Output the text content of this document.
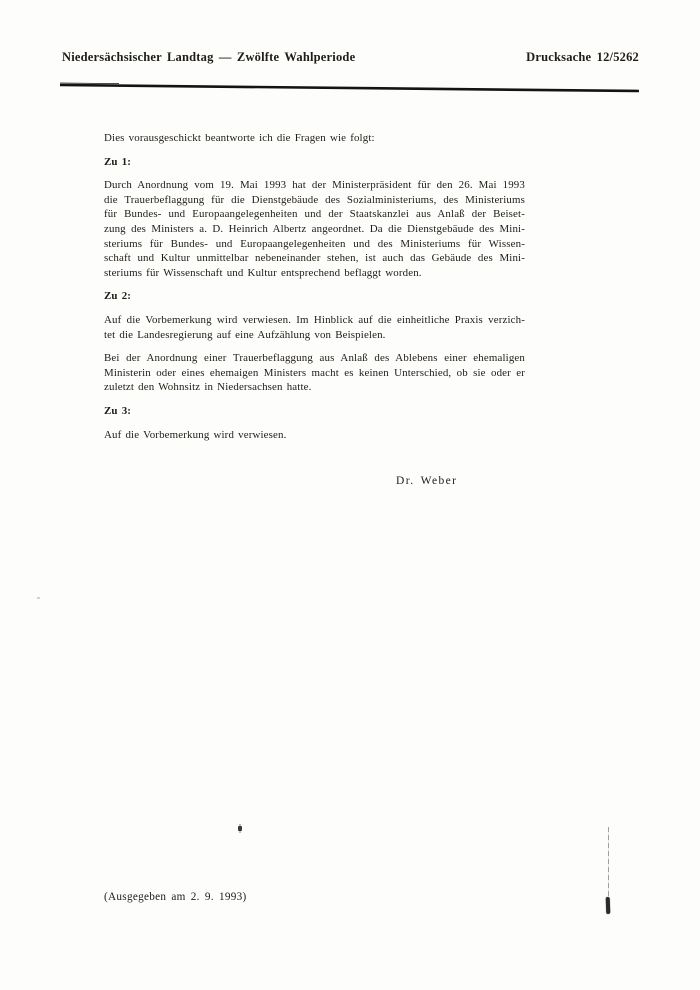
Niedersächsischer Landtag — Zwölfte Wahlperiode	Drucksache 12/5262
Dies vorausgeschickt beantworte ich die Fragen wie folgt:
Zu 1:
Durch Anordnung vom 19. Mai 1993 hat der Ministerpräsident für den 26. Mai 1993
die Trauerbeflaggung für die Dienstgebäude des Sozialministeriums, des Ministeriums
für Bundes- und Europaangelegenheiten und der Staatskanzlei aus Anlaß der Beiset-
zung des Ministers a. D. Heinrich Albertz angeordnet. Da die Dienstgebäude des Mini-
steriums für Bundes- und Europaangelegenheiten und des Ministeriums für Wissen-
schaft und Kultur unmittelbar nebeneinander stehen, ist auch das Gebäude des Mini-
steriums für Wissenschaft und Kultur entsprechend beflaggt worden.
Zu 2:
Auf die Vorbemerkung wird verwiesen. Im Hinblick auf die einheitliche Praxis verzich-
tet die Landesregierung auf eine Aufzählung von Beispielen.
Bei der Anordnung einer Trauerbeflaggung aus Anlaß des Ablebens einer ehemaligen
Ministerin oder eines ehemaigen Ministers macht es keinen Unterschied, ob sie oder er
zuletzt den Wohnsitz in Niedersachsen hatte.
Zu 3:
Auf die Vorbemerkung wird verwiesen.
Dr. Weber
(Ausgegeben am 2. 9. 1993)
